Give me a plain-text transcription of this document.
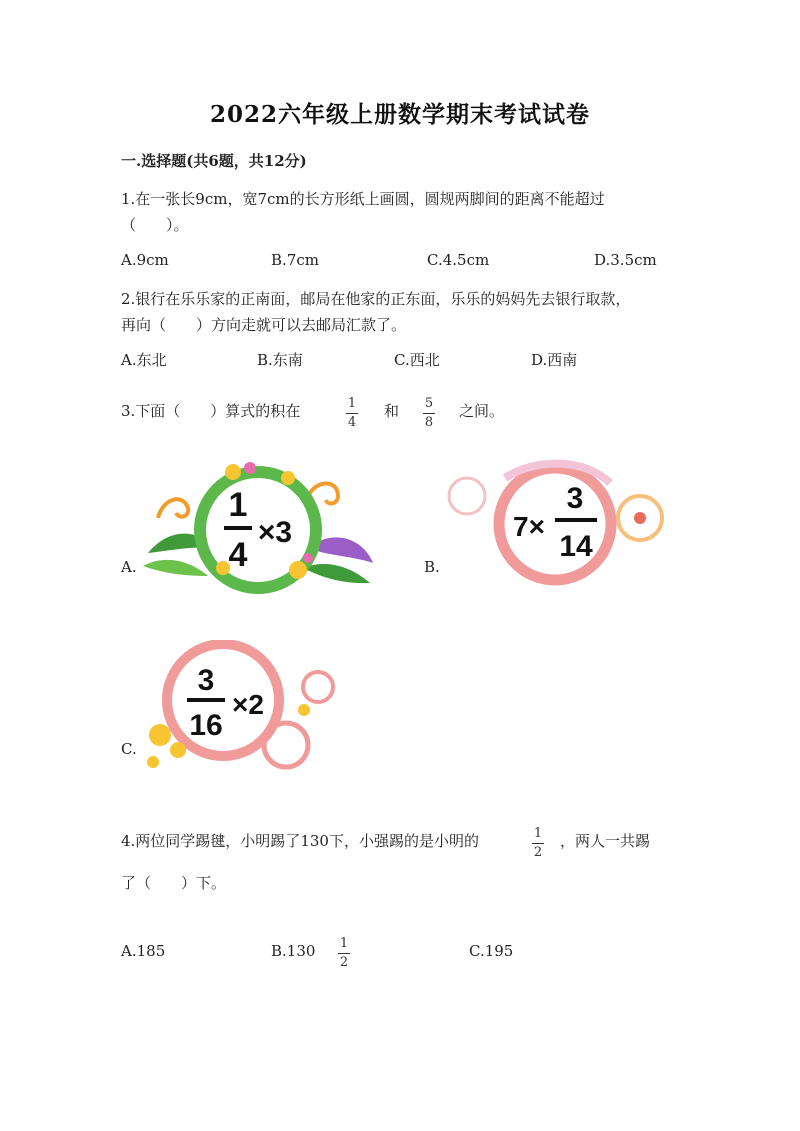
2022六年级上册数学期末考试试卷
一.选择题(共6题，共12分)
1.在一张长9cm，宽7cm的长方形纸上画圆，圆规两脚间的距离不能超过
（　　）。
A.9cm	B.7cm	C.4.5cm	D.3.5cm
2.银行在乐乐家的正南面，邮局在他家的正东面，乐乐的妈妈先去银行取款，
再向（　　）方向走就可以去邮局汇款了。
A.东北	B.东南	C.西北	D.西南
3.下面（　　）算式的积在	1
4
和 5
8
之间。
A.
1
4
×3
B.
7×
3
14
C.
3
16
×2
4.两位同学踢毽，小明踢了130下，小强踢的是小明的	1
2
，两人一共踢
了（　　）下。
A.185	B.130 1
2
C.195
